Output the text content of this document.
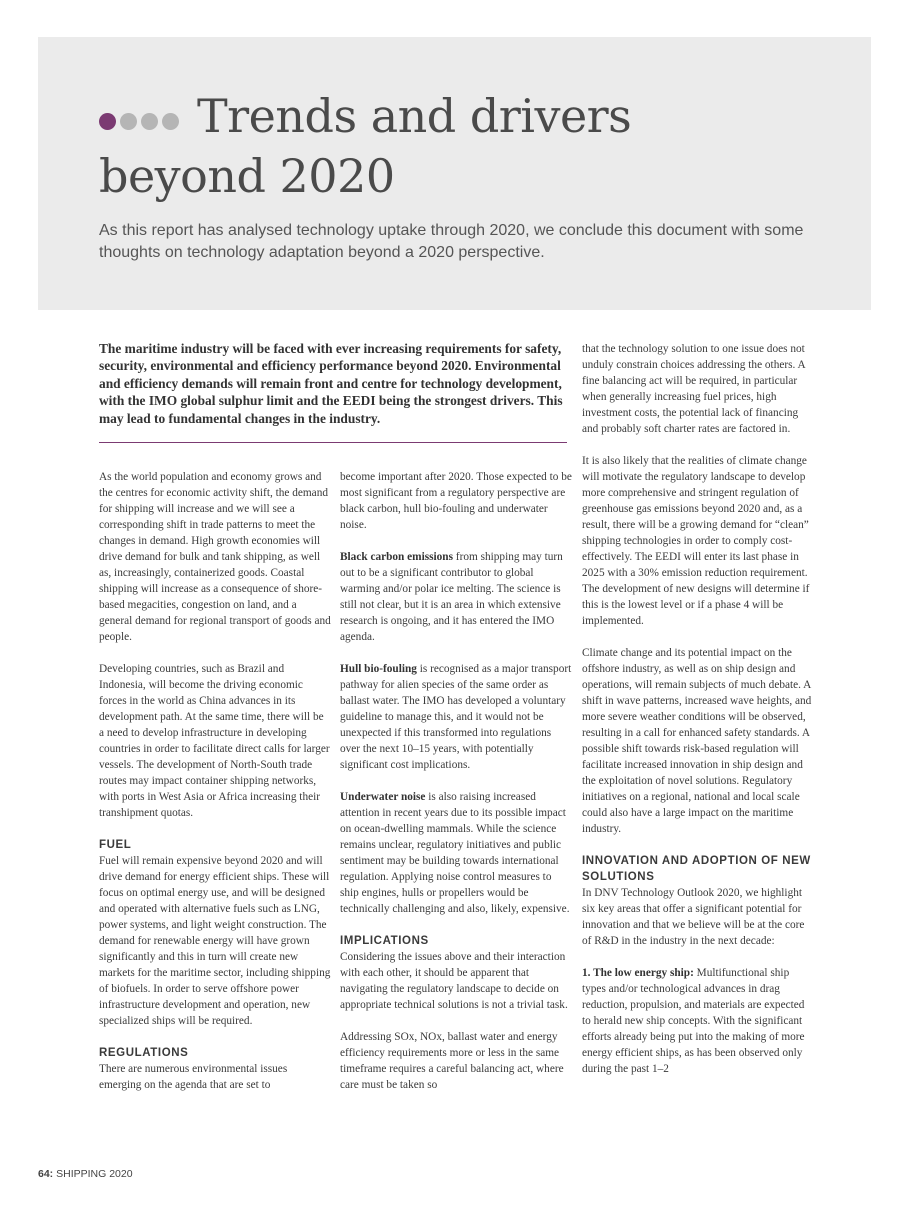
Trends and drivers
beyond 2020

As this report has analysed technology uptake through 2020, we conclude this document with some thoughts on technology adaptation beyond a 2020 perspective.

The maritime industry will be faced with ever increasing requirements for safety, security, environmental and efficiency performance beyond 2020. Environmental and efficiency demands will remain front and centre for technology development, with the IMO global sulphur limit and the EEDI being the strongest drivers. This may lead to fundamental changes in the industry.

As the world population and economy grows and the centres for economic activity shift, the demand for shipping will increase and we will see a corresponding shift in trade patterns to meet the changes in demand. High growth economies will drive demand for bulk and tank shipping, as well as, increasingly, containerized goods. Coastal shipping will increase as a consequence of shore-based megacities, congestion on land, and a general demand for regional transport of goods and people.

Developing countries, such as Brazil and Indonesia, will become the driving economic forces in the world as China advances in its development path. At the same time, there will be a need to develop infrastructure in developing countries in order to facilitate direct calls for larger vessels. The development of North-South trade routes may impact container shipping networks, with ports in West Asia or Africa increasing their transhipment quotas.

FUEL

Fuel will remain expensive beyond 2020 and will drive demand for energy efficient ships. These will focus on optimal energy use, and will be designed and operated with alternative fuels such as LNG, power systems, and light weight construction. The demand for renewable energy will have grown significantly and this in turn will create new markets for the maritime sector, including shipping of biofuels. In order to serve offshore power infrastructure development and operation, new specialized ships will be required.

REGULATIONS

There are numerous environmental issues emerging on the agenda that are set to

become important after 2020. Those expected to be most significant from a regulatory perspective are black carbon, hull bio-fouling and underwater noise.

Black carbon emissions from shipping may turn out to be a significant contributor to global warming and/or polar ice melting. The science is still not clear, but it is an area in which extensive research is ongoing, and it has entered the IMO agenda.

Hull bio-fouling is recognised as a major transport pathway for alien species of the same order as ballast water. The IMO has developed a voluntary guideline to manage this, and it would not be unexpected if this transformed into regulations over the next 10–15 years, with potentially significant cost implications.

Underwater noise is also raising increased attention in recent years due to its possible impact on ocean-dwelling mammals. While the science remains unclear, regulatory initiatives and public sentiment may be building towards international regulation. Applying noise control measures to ship engines, hulls or propellers would be technically challenging and also, likely, expensive.

IMPLICATIONS

Considering the issues above and their interaction with each other, it should be apparent that navigating the regulatory landscape to decide on appropriate technical solutions is not a trivial task.

Addressing SOx, NOx, ballast water and energy efficiency requirements more or less in the same timeframe requires a careful balancing act, where care must be taken so

that the technology solution to one issue does not unduly constrain choices addressing the others. A fine balancing act will be required, in particular when generally increasing fuel prices, high investment costs, the potential lack of financing and probably soft charter rates are factored in.

It is also likely that the realities of climate change will motivate the regulatory landscape to develop more comprehensive and stringent regulation of greenhouse gas emissions beyond 2020 and, as a result, there will be a growing demand for “clean” shipping technologies in order to comply cost-effectively. The EEDI will enter its last phase in 2025 with a 30% emission reduction requirement. The development of new designs will determine if this is the lowest level or if a phase 4 will be implemented.

Climate change and its potential impact on the offshore industry, as well as on ship design and operations, will remain subjects of much debate. A shift in wave patterns, increased wave heights, and more severe weather conditions will be observed, resulting in a call for enhanced safety standards. A possible shift towards risk-based regulation will facilitate increased innovation in ship design and the exploitation of novel solutions. Regulatory initiatives on a regional, national and local scale could also have a large impact on the maritime industry.

INNOVATION AND ADOPTION OF NEW SOLUTIONS

In DNV Technology Outlook 2020, we highlight six key areas that offer a significant potential for innovation and that we believe will be at the core of R&D in the industry in the next decade:

1. The low energy ship: Multifunctional ship types and/or technological advances in drag reduction, propulsion, and materials are expected to herald new ship concepts. With the significant efforts already being put into the making of more energy efficient ships, as has been observed only during the past 1–2

64: SHIPPING 2020
